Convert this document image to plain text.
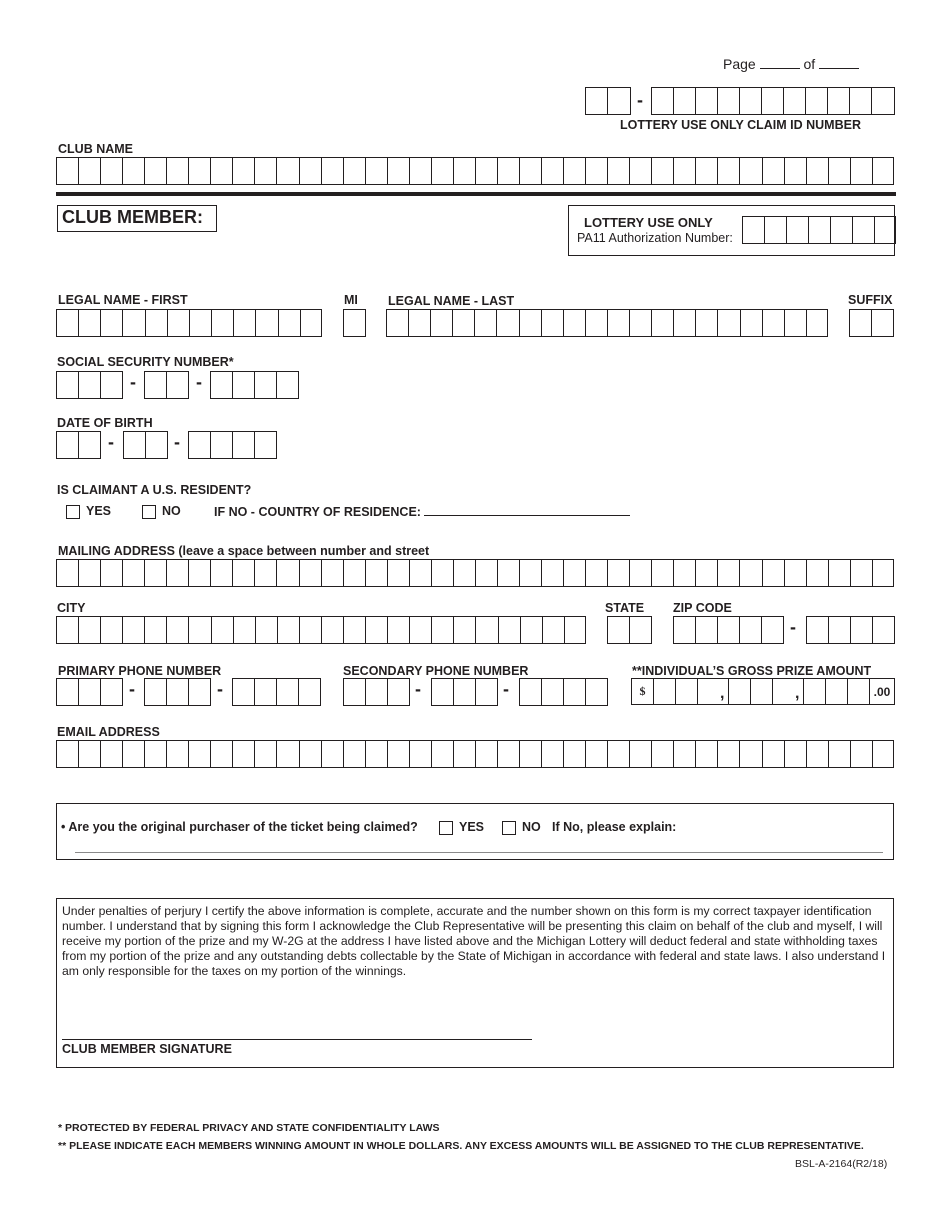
Page	of
-
LOTTERY USE ONLY CLAIM ID NUMBER
CLUB NAME
CLUB MEMBER:	LOTTERY USE ONLY
PA11 Authorization Number:
LEGAL NAME - FIRST	MI LEGAL NAME - LAST	SUFFIX
SOCIAL SECURITY NUMBER*
-	-
DATE OF BIRTH
-	-
IS CLAIMANT A U.S. RESIDENT?
YES	NO	IF NO - COUNTRY OF RESIDENCE:
MAILING ADDRESS (leave a space between number and street
CITY	STATE ZIP CODE
-
PRIMARY PHONE NUMBER	SECONDARY PHONE NUMBER	**INDIVIDUAL’S GROSS PRIZE AMOUNT
-	-	-	-	$	,	,	.00
EMAIL ADDRESS
• Are you the original purchaser of the ticket being claimed?	YES	NO If No, please explain:
Under penalties of perjury I certify the above information is complete, accurate and the number shown on this form is my correct taxpayer identification number. I understand that by signing this form I acknowledge the Club Representative will be presenting this claim on behalf of the club and myself, I will receive my portion of the prize and my W-2G at the address I have listed above and the Michigan Lottery will deduct federal and state withholding taxes from my portion of the prize and any outstanding debts collectable by the State of Michigan in accordance with federal and state laws. I also understand I am only responsible for the taxes on my portion of the winnings.
CLUB MEMBER SIGNATURE
* PROTECTED BY FEDERAL PRIVACY AND STATE CONFIDENTIALITY LAWS
** PLEASE INDICATE EACH MEMBERS WINNING AMOUNT IN WHOLE DOLLARS. ANY EXCESS AMOUNTS WILL BE ASSIGNED TO THE CLUB REPRESENTATIVE.
BSL-A-2164(R2/18)
